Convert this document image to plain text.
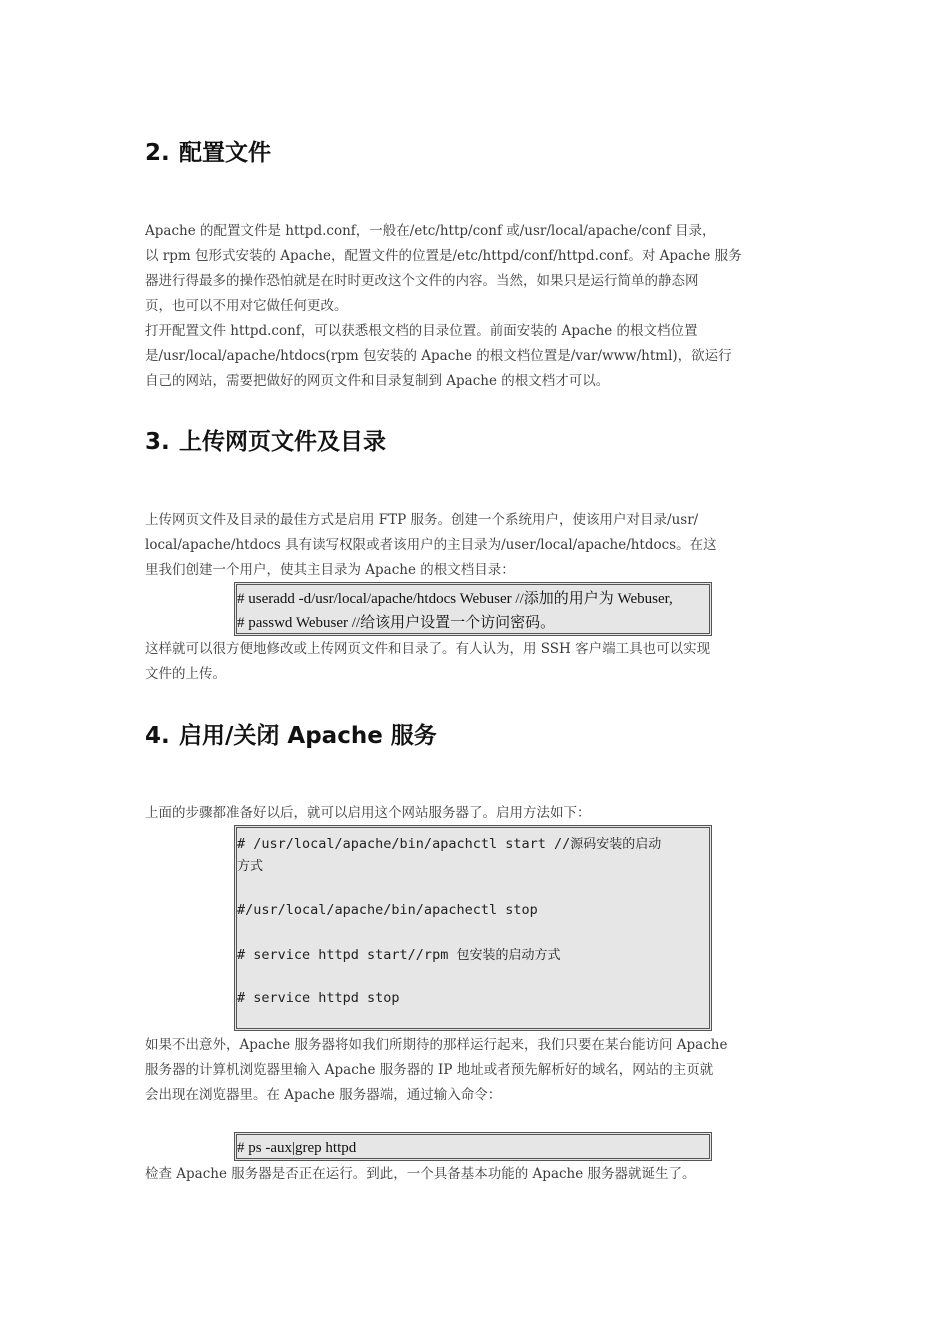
2. 配置文件
Apache 的配置文件是 httpd.conf，一般在/etc/http/conf 或/usr/local/apache/conf 目录，
以 rpm 包形式安装的 Apache，配置文件的位置是/etc/httpd/conf/httpd.conf。对 Apache 服务
器进行得最多的操作恐怕就是在时时更改这个文件的内容。当然，如果只是运行简单的静态网
页，也可以不用对它做任何更改。
打开配置文件 httpd.conf，可以获悉根文档的目录位置。前面安装的 Apache 的根文档位置
是/usr/local/apache/htdocs(rpm 包安装的 Apache 的根文档位置是/var/www/html)，欲运行
自己的网站，需要把做好的网页文件和目录复制到 Apache 的根文档才可以。
3. 上传网页文件及目录
上传网页文件及目录的最佳方式是启用 FTP 服务。创建一个系统用户，使该用户对目录/usr/
local/apache/htdocs 具有读写权限或者该用户的主目录为/user/local/apache/htdocs。在这
里我们创建一个用户，使其主目录为 Apache 的根文档目录：
# useradd -d/usr/local/apache/htdocs Webuser //添加的用户为 Webuser,
# passwd Webuser //给该用户设置一个访问密码。
这样就可以很方便地修改或上传网页文件和目录了。有人认为，用 SSH 客户端工具也可以实现
文件的上传。
4. 启用/关闭 Apache 服务
上面的步骤都准备好以后，就可以启用这个网站服务器了。启用方法如下：
# /usr/local/apache/bin/apachctl start //源码安装的启动
方式
#/usr/local/apache/bin/apachectl stop
# service httpd start//rpm 包安装的启动方式
# service httpd stop
如果不出意外，Apache 服务器将如我们所期待的那样运行起来，我们只要在某台能访问 Apache
服务器的计算机浏览器里输入 Apache 服务器的 IP 地址或者预先解析好的域名，网站的主页就
会出现在浏览器里。在 Apache 服务器端，通过输入命令：
# ps -aux|grep httpd
检查 Apache 服务器是否正在运行。到此，一个具备基本功能的 Apache 服务器就诞生了。
